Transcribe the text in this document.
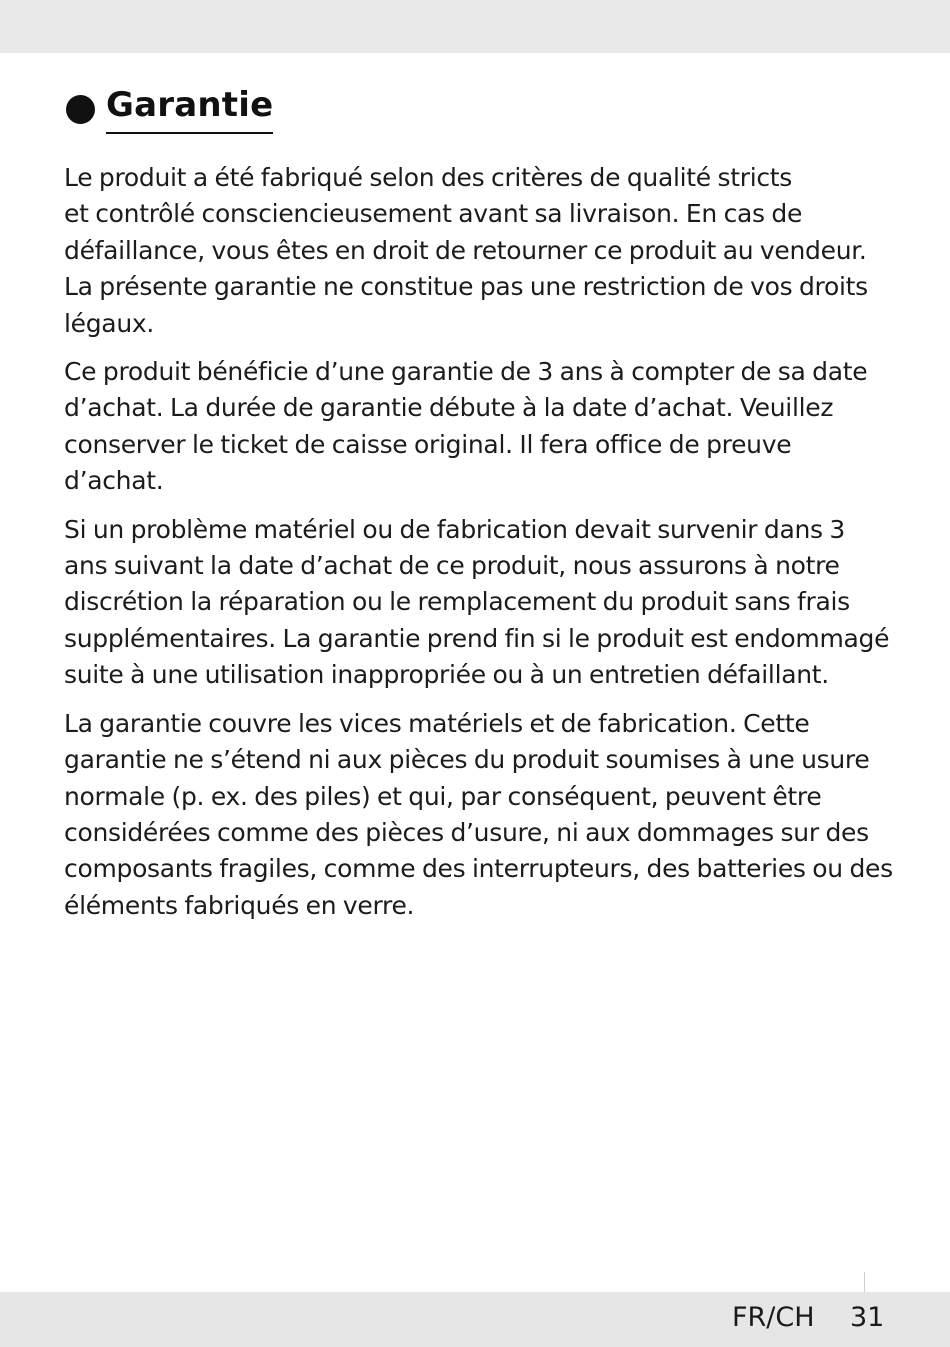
Garantie

Le produit a été fabriqué selon des critères de qualité stricts
et contrôlé consciencieusement avant sa livraison. En cas de
défaillance, vous êtes en droit de retourner ce produit au vendeur.
La présente garantie ne constitue pas une restriction de vos droits
légaux.

Ce produit bénéficie d’une garantie de 3 ans à compter de sa date
d’achat. La durée de garantie débute à la date d’achat. Veuillez
conserver le ticket de caisse original. Il fera office de preuve
d’achat.

Si un problème matériel ou de fabrication devait survenir dans 3
ans suivant la date d’achat de ce produit, nous assurons à notre
discrétion la réparation ou le remplacement du produit sans frais
supplémentaires. La garantie prend fin si le produit est endommagé
suite à une utilisation inappropriée ou à un entretien défaillant.

La garantie couvre les vices matériels et de fabrication. Cette
garantie ne s’étend ni aux pièces du produit soumises à une usure
normale (p. ex. des piles) et qui, par conséquent, peuvent être
considérées comme des pièces d’usure, ni aux dommages sur des
composants fragiles, comme des interrupteurs, des batteries ou des
éléments fabriqués en verre.

FR/CH 31
